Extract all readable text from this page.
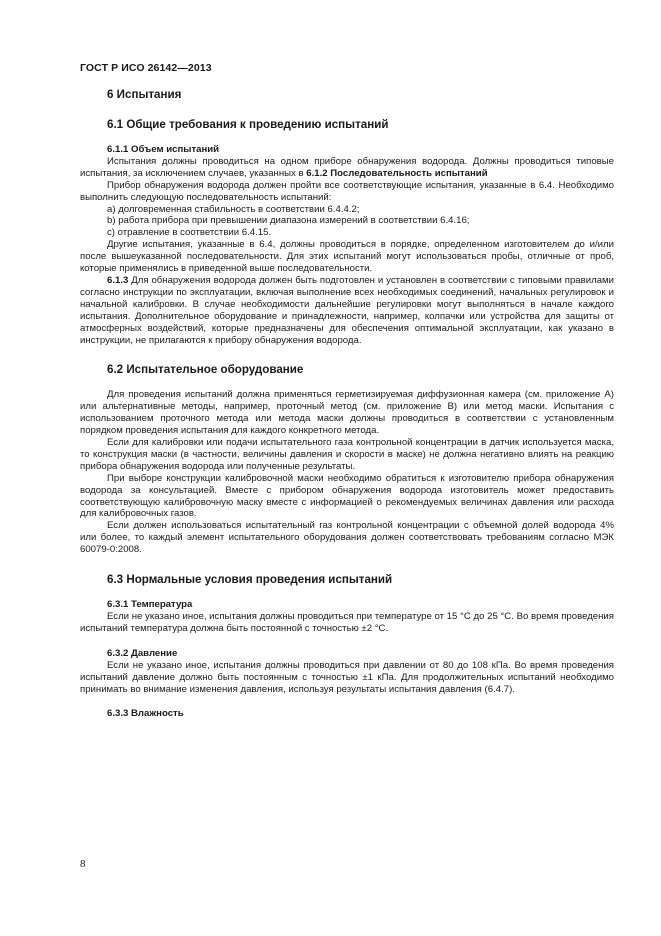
ГОСТ Р ИСО 26142—2013
6 Испытания
6.1 Общие требования к проведению испытаний
6.1.1 Объем испытаний

Испытания должны проводиться на одном приборе обнаружения водорода. Должны проводиться типовые испытания, за исключением случаев, указанных в 6.1.2 Последовательность испытаний

Прибор обнаружения водорода должен пройти все соответствующие испытания, указанные в 6.4. Необходимо выполнить следующую последовательность испытаний:

a) долговременная стабильность в соответствии 6.4.4.2;

b) работа прибора при превышении диапазона измерений в соответствии 6.4.16;

c) отравление в соответствии 6.4.15.

Другие испытания, указанные в 6.4, должны проводиться в порядке, определенном изготовителем до и/или после вышеуказанной последовательности. Для этих испытаний могут использоваться пробы, отличные от проб, которые применялись в приведенной выше последовательности.

6.1.3 Для обнаружения водорода должен быть подготовлен и установлен в соответствии с типовыми правилами согласно инструкции по эксплуатации, включая выполнение всех необходимых соединений, начальных регулировок и начальной калибровки. В случае необходимости дальнейшие регулировки могут выполняться в начале каждого испытания. Дополнительное оборудование и принадлежности, например, колпачки или устройства для защиты от атмосферных воздействий, которые предназначены для обеспечения оптимальной эксплуатации, как указано в инструкции, не прилагаются к прибору обнаружения водорода.

6.2 Испытательное оборудование

Для проведения испытаний должна применяться герметизируемая диффузионная камера (см. приложение А) или альтернативные методы, например, проточный метод (см. приложение В) или метод маски. Испытания с использованием проточного метода или метода маски должны проводиться в соответствии с установленным порядком проведения испытания для каждого конкретного метода.

Если для калибровки или подачи испытательного газа контрольной концентрации в датчик используется маска, то конструкция маски (в частности, величины давления и скорости в маске) не должна негативно влиять на реакцию прибора обнаружения водорода или полученные результаты.

При выборе конструкции калибровочной маски необходимо обратиться к изготовителю прибора обнаружения водорода за консультацией. Вместе с прибором обнаружения водорода изготовитель может предоставить соответствующую калибровочную маску вместе с информацией о рекомендуемых величинах давления или расхода для калибровочных газов.

Если должен использоваться испытательный газ контрольной концентрации с объемной долей водорода 4% или более, то каждый элемент испытательного оборудования должен соответствовать требованиям согласно МЭК 60079-0:2008.

6.3 Нормальные условия проведения испытаний
6.3.1 Температура

Если не указано иное, испытания должны проводиться при температуре от 15 °С до 25 °С. Во время проведения испытаний температура должна быть постоянной с точностью ±2 °С.

6.3.2 Давление

Если не указано иное, испытания должны проводиться при давлении от 80 до 108 кПа. Во время проведения испытаний давление должно быть постоянным с точностью ±1 кПа. Для продолжительных испытаний необходимо принимать во внимание изменения давления, используя результаты испытания давления (6.4.7).

6.3.3 Влажность
8
